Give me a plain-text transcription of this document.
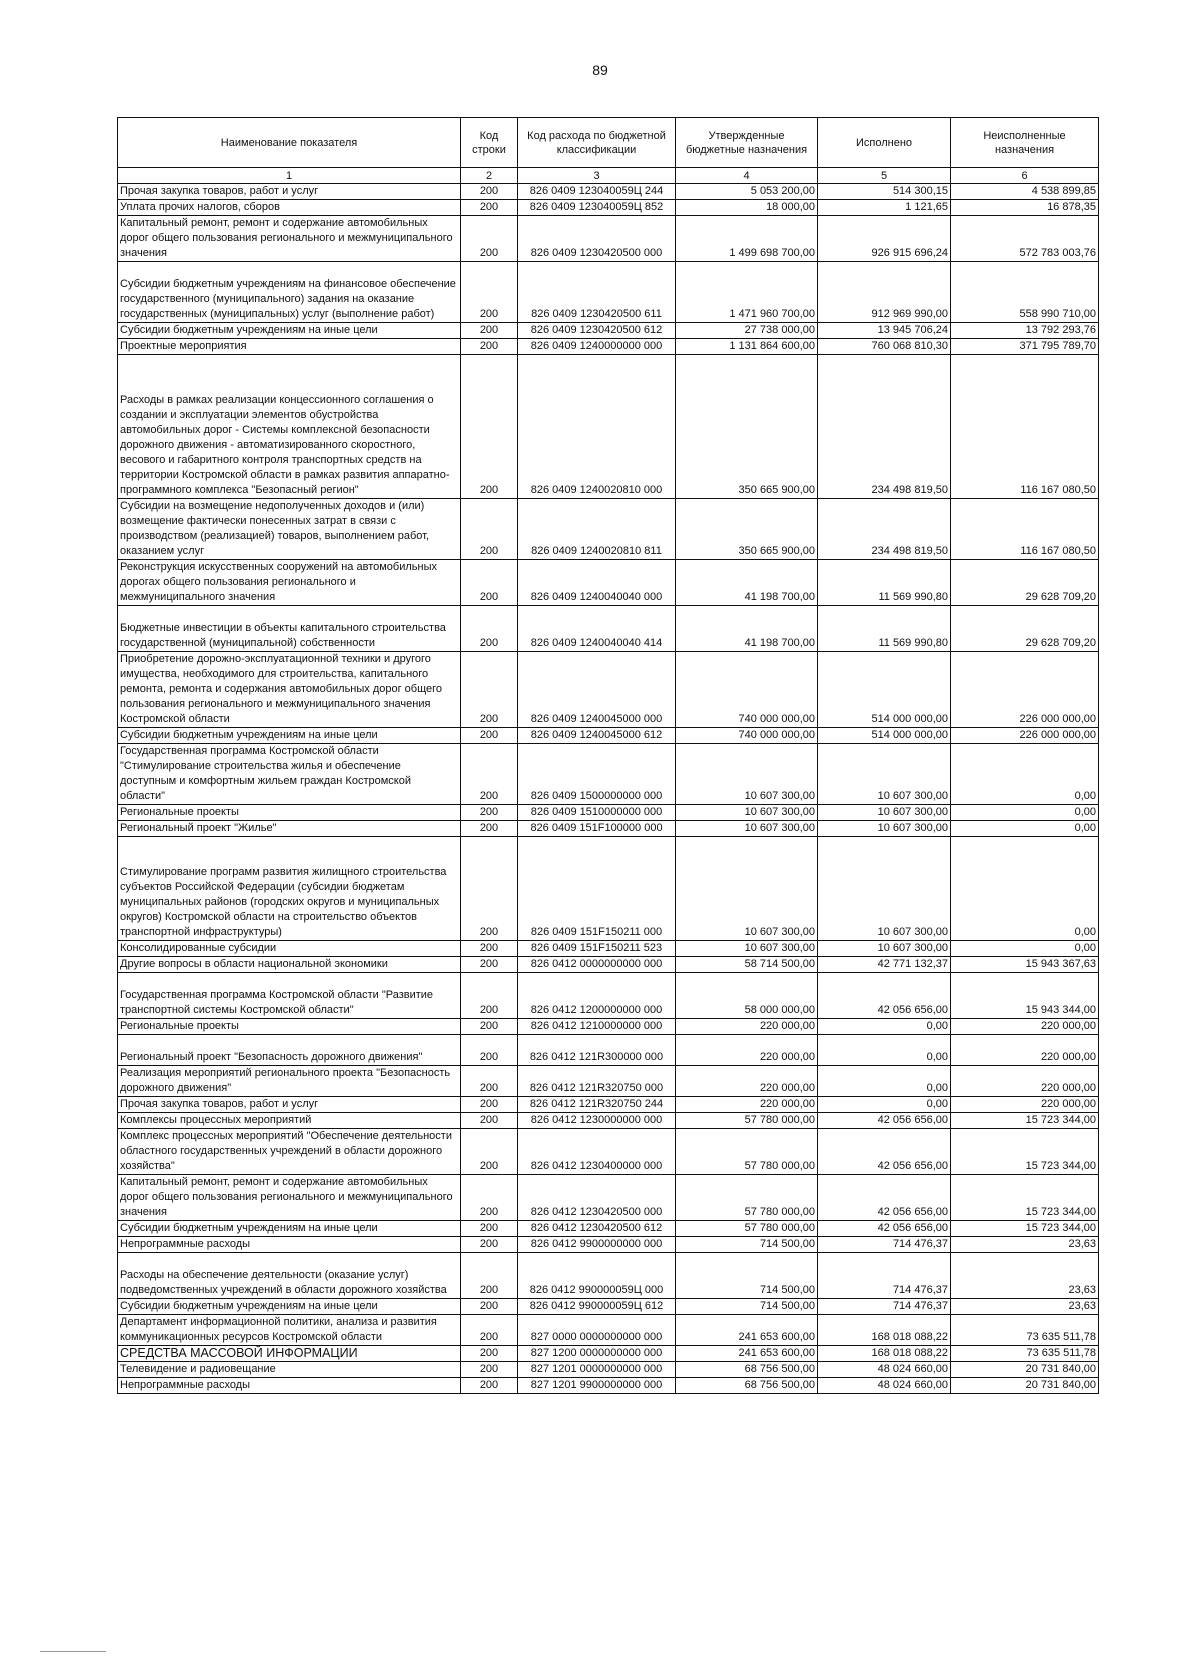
89
Наименование показателя	Код строки	Код расхода по бюджетной классификации	Утвержденные бюджетные назначения	Исполнено	Неисполненные назначения
1	2	3	4	5	6
Прочая закупка товаров, работ и услуг	200	826 0409 123040059Ц 244	5 053 200,00	514 300,15	4 538 899,85
Уплата прочих налогов, сборов	200	826 0409 123040059Ц 852	18 000,00	1 121,65	16 878,35
Капитальный ремонт, ремонт и содержание автомобильных дорог общего пользования регионального и межмуниципального значения	200	826 0409 1230420500 000	1 499 698 700,00	926 915 696,24	572 783 003,76
Субсидии бюджетным учреждениям на финансовое обеспечение государственного (муниципального) задания на оказание государственных (муниципальных) услуг (выполнение работ)	200	826 0409 1230420500 611	1 471 960 700,00	912 969 990,00	558 990 710,00
Субсидии бюджетным учреждениям на иные цели	200	826 0409 1230420500 612	27 738 000,00	13 945 706,24	13 792 293,76
Проектные мероприятия	200	826 0409 1240000000 000	1 131 864 600,00	760 068 810,30	371 795 789,70
Расходы в рамках реализации концессионного соглашения о создании и эксплуатации элементов обустройства автомобильных дорог - Системы комплексной безопасности дорожного движения - автоматизированного скоростного, весового и габаритного контроля транспортных средств на территории Костромской области в рамках развития аппаратно-программного комплекса "Безопасный регион"	200	826 0409 1240020810 000	350 665 900,00	234 498 819,50	116 167 080,50
Субсидии на возмещение недополученных доходов и (или) возмещение фактически понесенных затрат в связи с производством (реализацией) товаров, выполнением работ, оказанием услуг	200	826 0409 1240020810 811	350 665 900,00	234 498 819,50	116 167 080,50
Реконструкция искусственных сооружений на автомобильных дорогах общего пользования регионального и межмуниципального значения	200	826 0409 1240040040 000	41 198 700,00	11 569 990,80	29 628 709,20
Бюджетные инвестиции в объекты капитального строительства государственной (муниципальной) собственности	200	826 0409 1240040040 414	41 198 700,00	11 569 990,80	29 628 709,20
Приобретение дорожно-эксплуатационной техники и другого имущества, необходимого для строительства, капитального ремонта, ремонта и содержания автомобильных дорог общего пользования регионального и межмуниципального значения Костромской области	200	826 0409 1240045000 000	740 000 000,00	514 000 000,00	226 000 000,00
Субсидии бюджетным учреждениям на иные цели	200	826 0409 1240045000 612	740 000 000,00	514 000 000,00	226 000 000,00
Государственная программа Костромской области "Стимулирование строительства жилья и обеспечение доступным и комфортным жильем граждан Костромской области"	200	826 0409 1500000000 000	10 607 300,00	10 607 300,00	0,00
Региональные проекты	200	826 0409 1510000000 000	10 607 300,00	10 607 300,00	0,00
Региональный проект "Жилье"	200	826 0409 151F100000 000	10 607 300,00	10 607 300,00	0,00
Стимулирование программ развития жилищного строительства субъектов Российской Федерации (субсидии бюджетам муниципальных районов (городских округов и муниципальных округов) Костромской области на строительство объектов транспортной инфраструктуры)	200	826 0409 151F150211 000	10 607 300,00	10 607 300,00	0,00
Консолидированные субсидии	200	826 0409 151F150211 523	10 607 300,00	10 607 300,00	0,00
Другие вопросы в области национальной экономики	200	826 0412 0000000000 000	58 714 500,00	42 771 132,37	15 943 367,63
Государственная программа Костромской области "Развитие транспортной системы Костромской области"	200	826 0412 1200000000 000	58 000 000,00	42 056 656,00	15 943 344,00
Региональные проекты	200	826 0412 1210000000 000	220 000,00	0,00	220 000,00
Региональный проект "Безопасность дорожного движения"	200	826 0412 121R300000 000	220 000,00	0,00	220 000,00
Реализация мероприятий регионального проекта "Безопасность дорожного движения"	200	826 0412 121R320750 000	220 000,00	0,00	220 000,00
Прочая закупка товаров, работ и услуг	200	826 0412 121R320750 244	220 000,00	0,00	220 000,00
Комплексы процессных мероприятий	200	826 0412 1230000000 000	57 780 000,00	42 056 656,00	15 723 344,00
Комплекс процессных мероприятий "Обеспечение деятельности областного государственных учреждений в области дорожного хозяйства"	200	826 0412 1230400000 000	57 780 000,00	42 056 656,00	15 723 344,00
Капитальный ремонт, ремонт и содержание автомобильных дорог общего пользования регионального и межмуниципального значения	200	826 0412 1230420500 000	57 780 000,00	42 056 656,00	15 723 344,00
Субсидии бюджетным учреждениям на иные цели	200	826 0412 1230420500 612	57 780 000,00	42 056 656,00	15 723 344,00
Непрограммные расходы	200	826 0412 9900000000 000	714 500,00	714 476,37	23,63
Расходы на обеспечение деятельности (оказание услуг) подведомственных учреждений в области дорожного хозяйства	200	826 0412 990000059Ц 000	714 500,00	714 476,37	23,63
Субсидии бюджетным учреждениям на иные цели	200	826 0412 990000059Ц 612	714 500,00	714 476,37	23,63
Департамент информационной политики, анализа и развития коммуникационных ресурсов Костромской области	200	827 0000 0000000000 000	241 653 600,00	168 018 088,22	73 635 511,78
СРЕДСТВА МАССОВОЙ ИНФОРМАЦИИ	200	827 1200 0000000000 000	241 653 600,00	168 018 088,22	73 635 511,78
Телевидение и радиовещание	200	827 1201 0000000000 000	68 756 500,00	48 024 660,00	20 731 840,00
Непрограммные расходы	200	827 1201 9900000000 000	68 756 500,00	48 024 660,00	20 731 840,00
